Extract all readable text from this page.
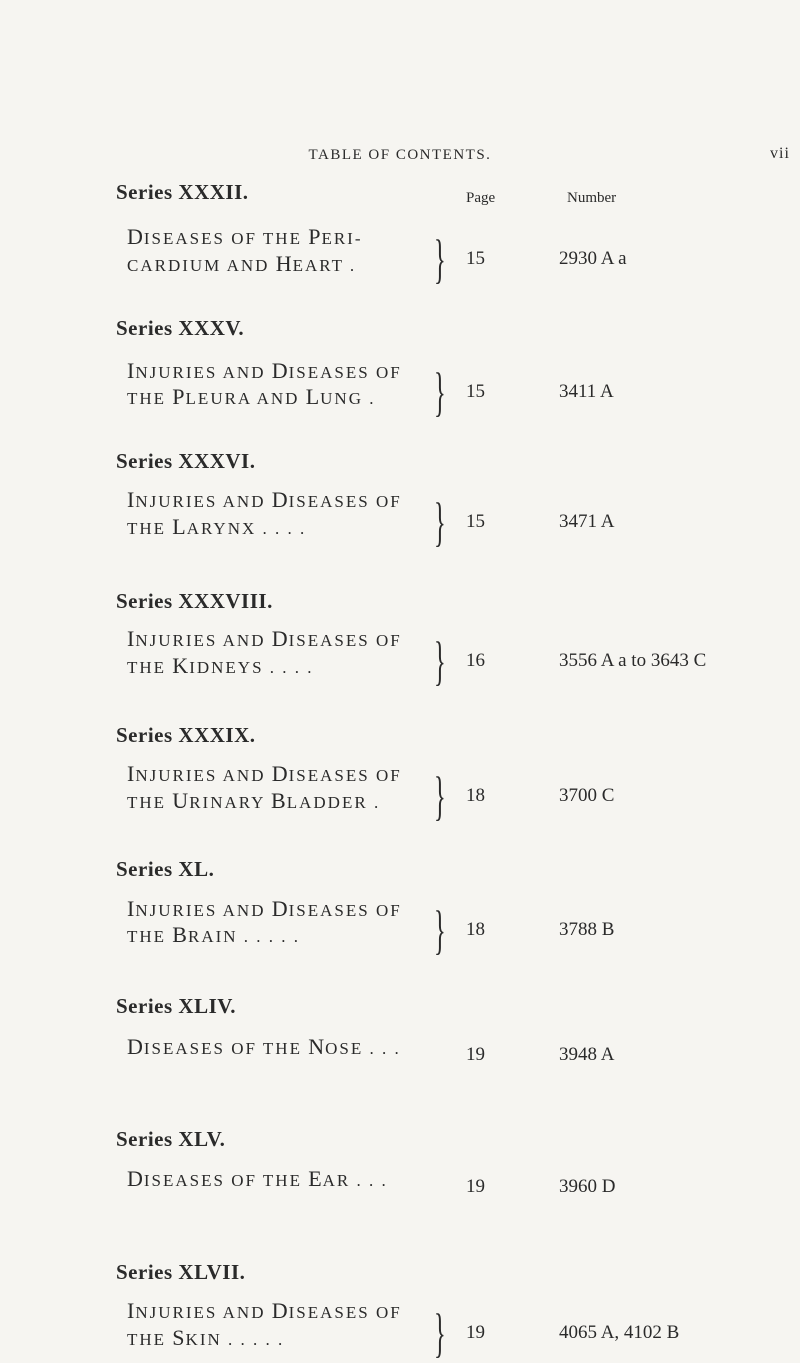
TABLE OF CONTENTS.	vii
Page	Number
Series XXXII.
DISEASES OF THE PERI-
CARDIUM AND HEART . } 15	2930 A a
Series XXXV.
INJURIES AND DISEASES OF
THE PLEURA AND LUNG . } 15	3411 A
Series XXXVI.
INJURIES AND DISEASES OF
THE LARYNX . . . . } 15	3471 A
Series XXXVIII.
INJURIES AND DISEASES OF
THE KIDNEYS . . . . } 16	3556 A a to 3643 C
Series XXXIX.
INJURIES AND DISEASES OF
THE URINARY BLADDER . } 18	3700 C
Series XL.
INJURIES AND DISEASES OF
THE BRAIN . . . . . } 18	3788 B
Series XLIV.
DISEASES OF THE NOSE . . .	19	3948 A
Series XLV.
DISEASES OF THE EAR . . .	19	3960 D
Series XLVII.
INJURIES AND DISEASES OF
THE SKIN . . . . .	} 19	4065 A, 4102 B
